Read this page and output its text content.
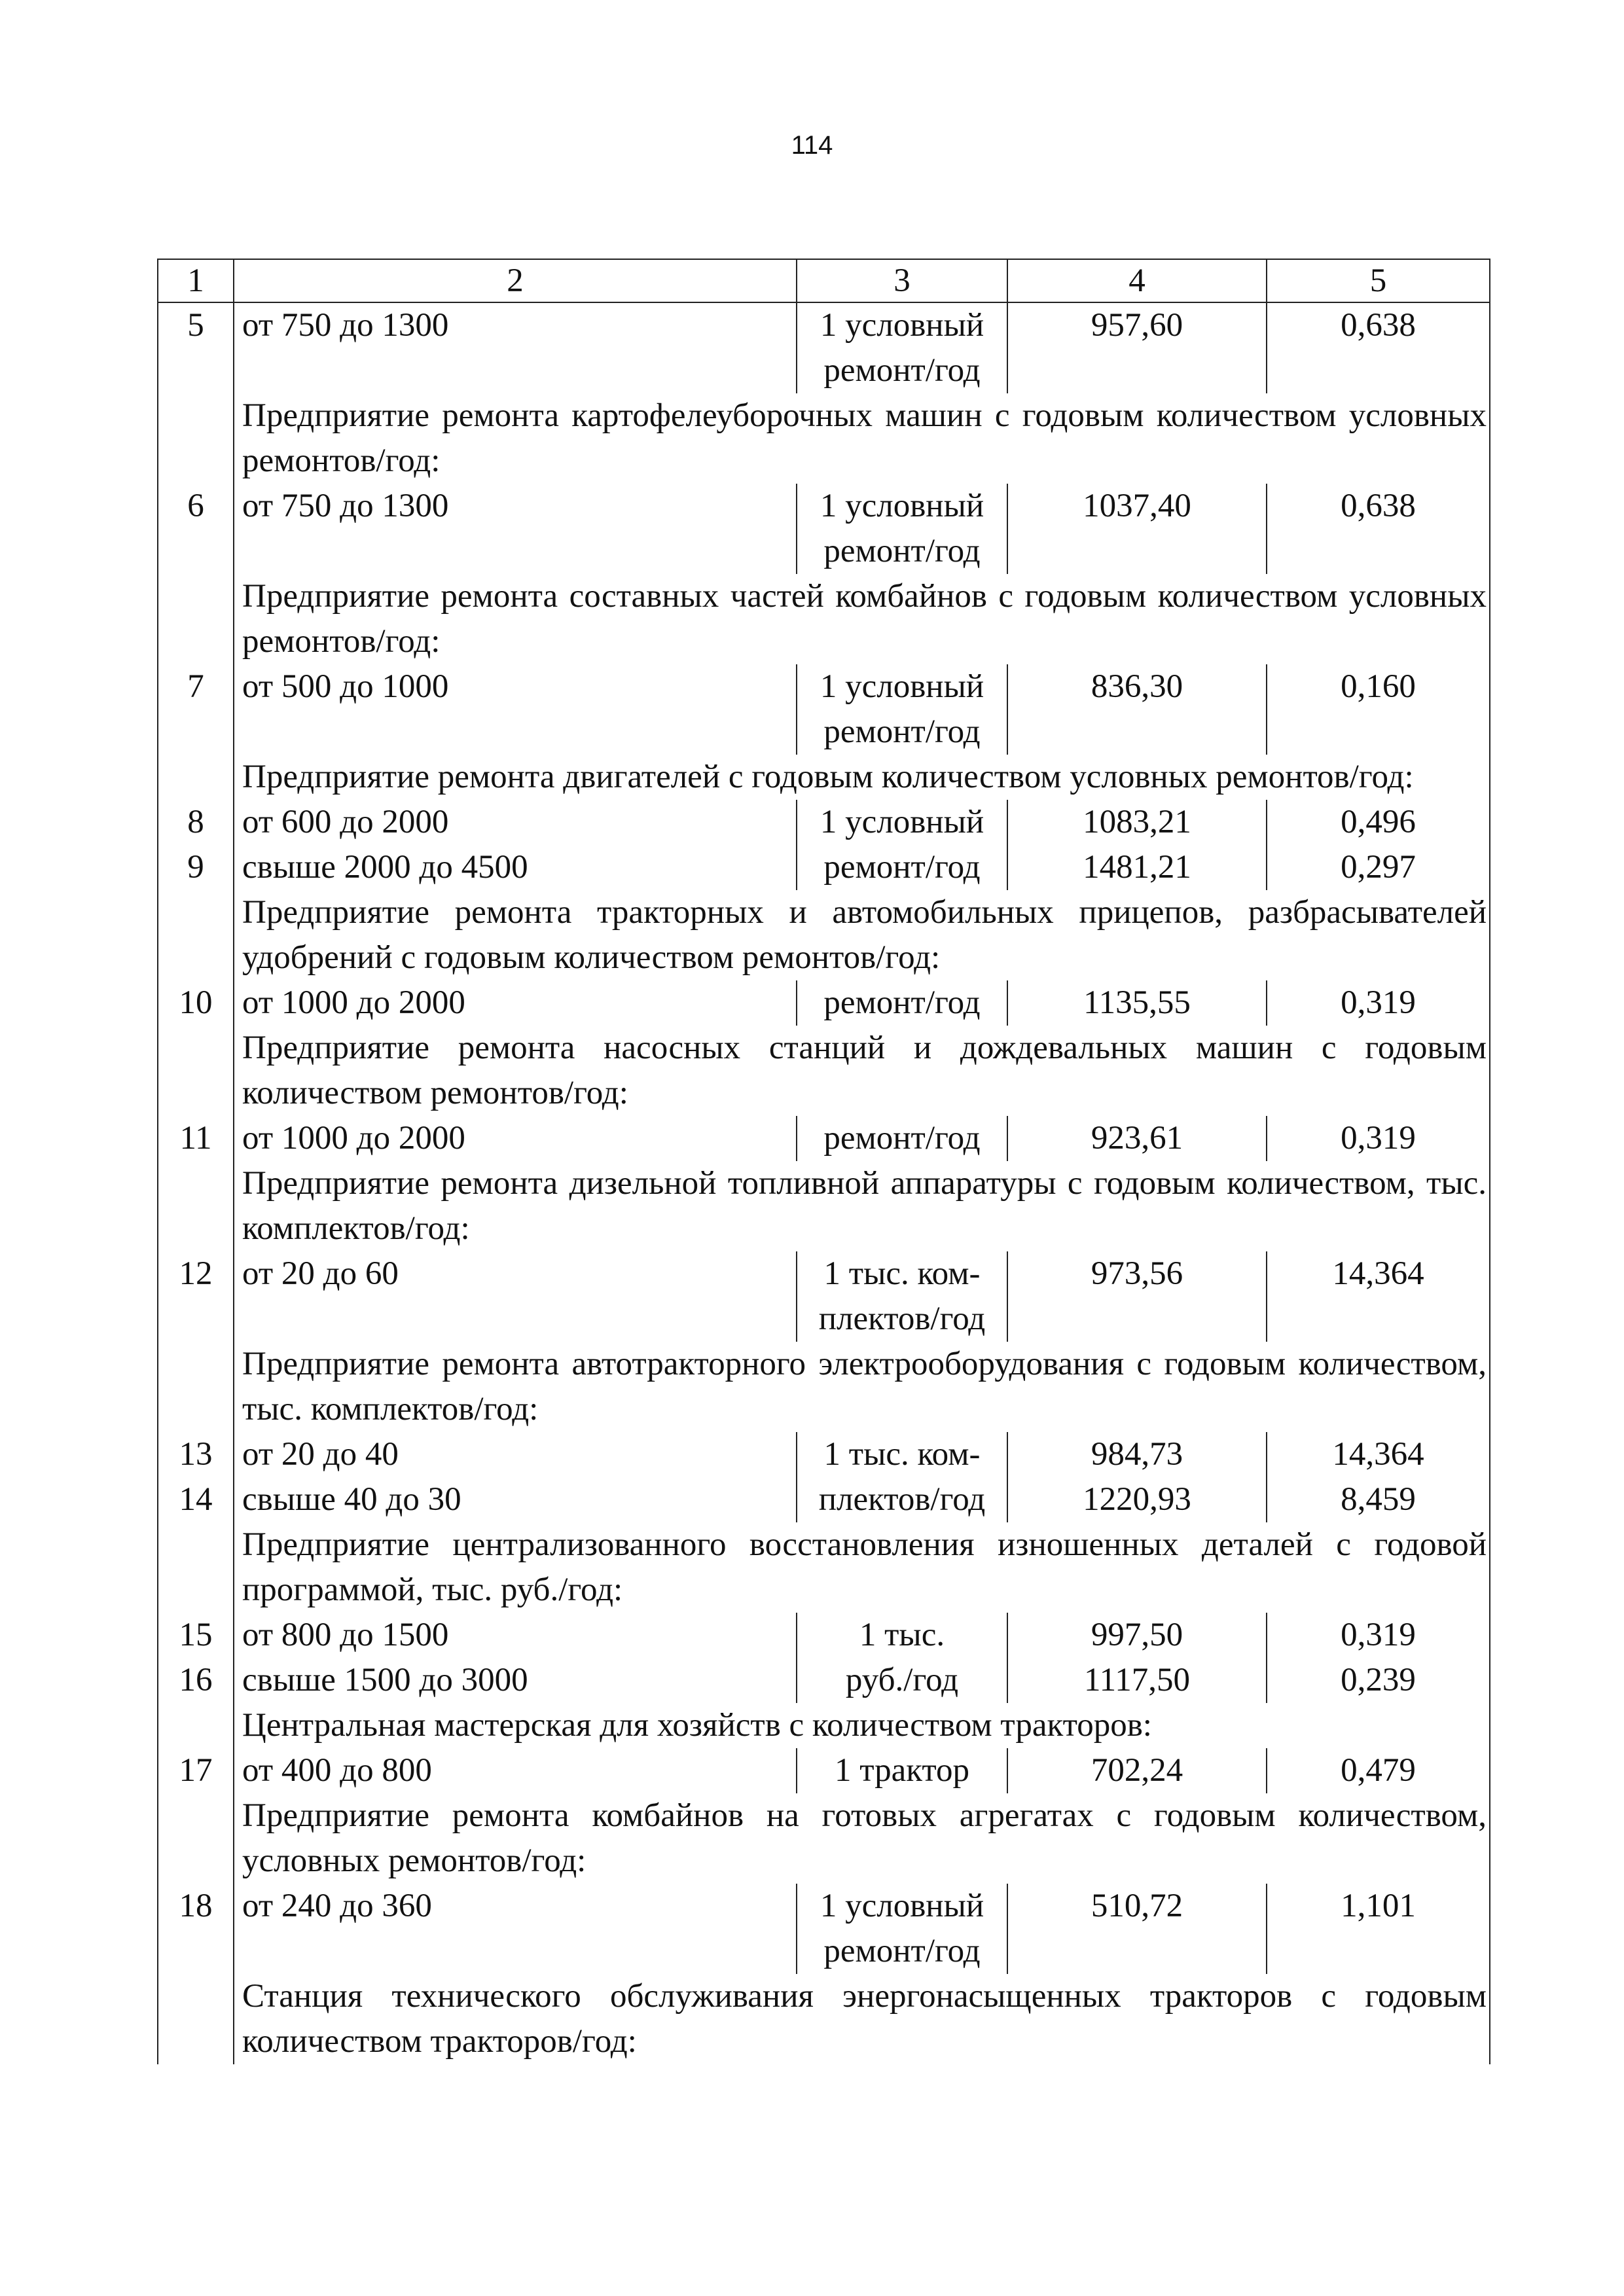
114
1	2	3	4	5
5	от 750 до 1300	1 условный ремонт/год	957,60	0,638
	Предприятие ремонта картофелеуборочных машин с годовым количеством условных ремонтов/год:			
6	от 750 до 1300	1 условный ремонт/год	1037,40	0,638
	Предприятие ремонта составных частей комбайнов с годовым количеством условных ремонтов/год:			
7	от 500 до 1000	1 условный ремонт/год	836,30	0,160
	Предприятие ремонта двигателей с годовым количеством условных ремонтов/год:			
8	от 600 до 2000	1 условный	1083,21	0,496
9	свыше 2000 до 4500	ремонт/год	1481,21	0,297
	Предприятие ремонта тракторных и автомобильных прицепов, разбрасывателей удобрений с годовым количеством ремонтов/год:			
10	от 1000 до 2000	ремонт/год	1135,55	0,319
	Предприятие ремонта насосных станций и дождевальных машин с годовым количеством ремонтов/год:			
11	от 1000 до 2000	ремонт/год	923,61	0,319
	Предприятие ремонта дизельной топливной аппаратуры с годовым количеством, тыс. комплектов/год:			
12	от 20 до 60	1 тыс. ком- плектов/год	973,56	14,364
	Предприятие ремонта автотракторного электрооборудования с годовым количеством, тыс. комплектов/год:			
13	от 20 до 40	1 тыс. ком-	984,73	14,364
14	свыше 40 до 30	плектов/год	1220,93	8,459
	Предприятие централизованного восстановления изношенных деталей с годовой программой, тыс. руб./год:			
15	от 800 до 1500	1 тыс.	997,50	0,319
16	свыше 1500 до 3000	руб./год	1117,50	0,239
	Центральная мастерская для хозяйств с количеством тракторов:			
17	от 400 до 800	1 трактор	702,24	0,479
	Предприятие ремонта комбайнов на готовых агрегатах с годовым количеством, условных ремонтов/год:			
18	от 240 до 360	1 условный ремонт/год	510,72	1,101
	Станция технического обслуживания энергонасыщенных тракторов с годовым количеством тракторов/год:			
